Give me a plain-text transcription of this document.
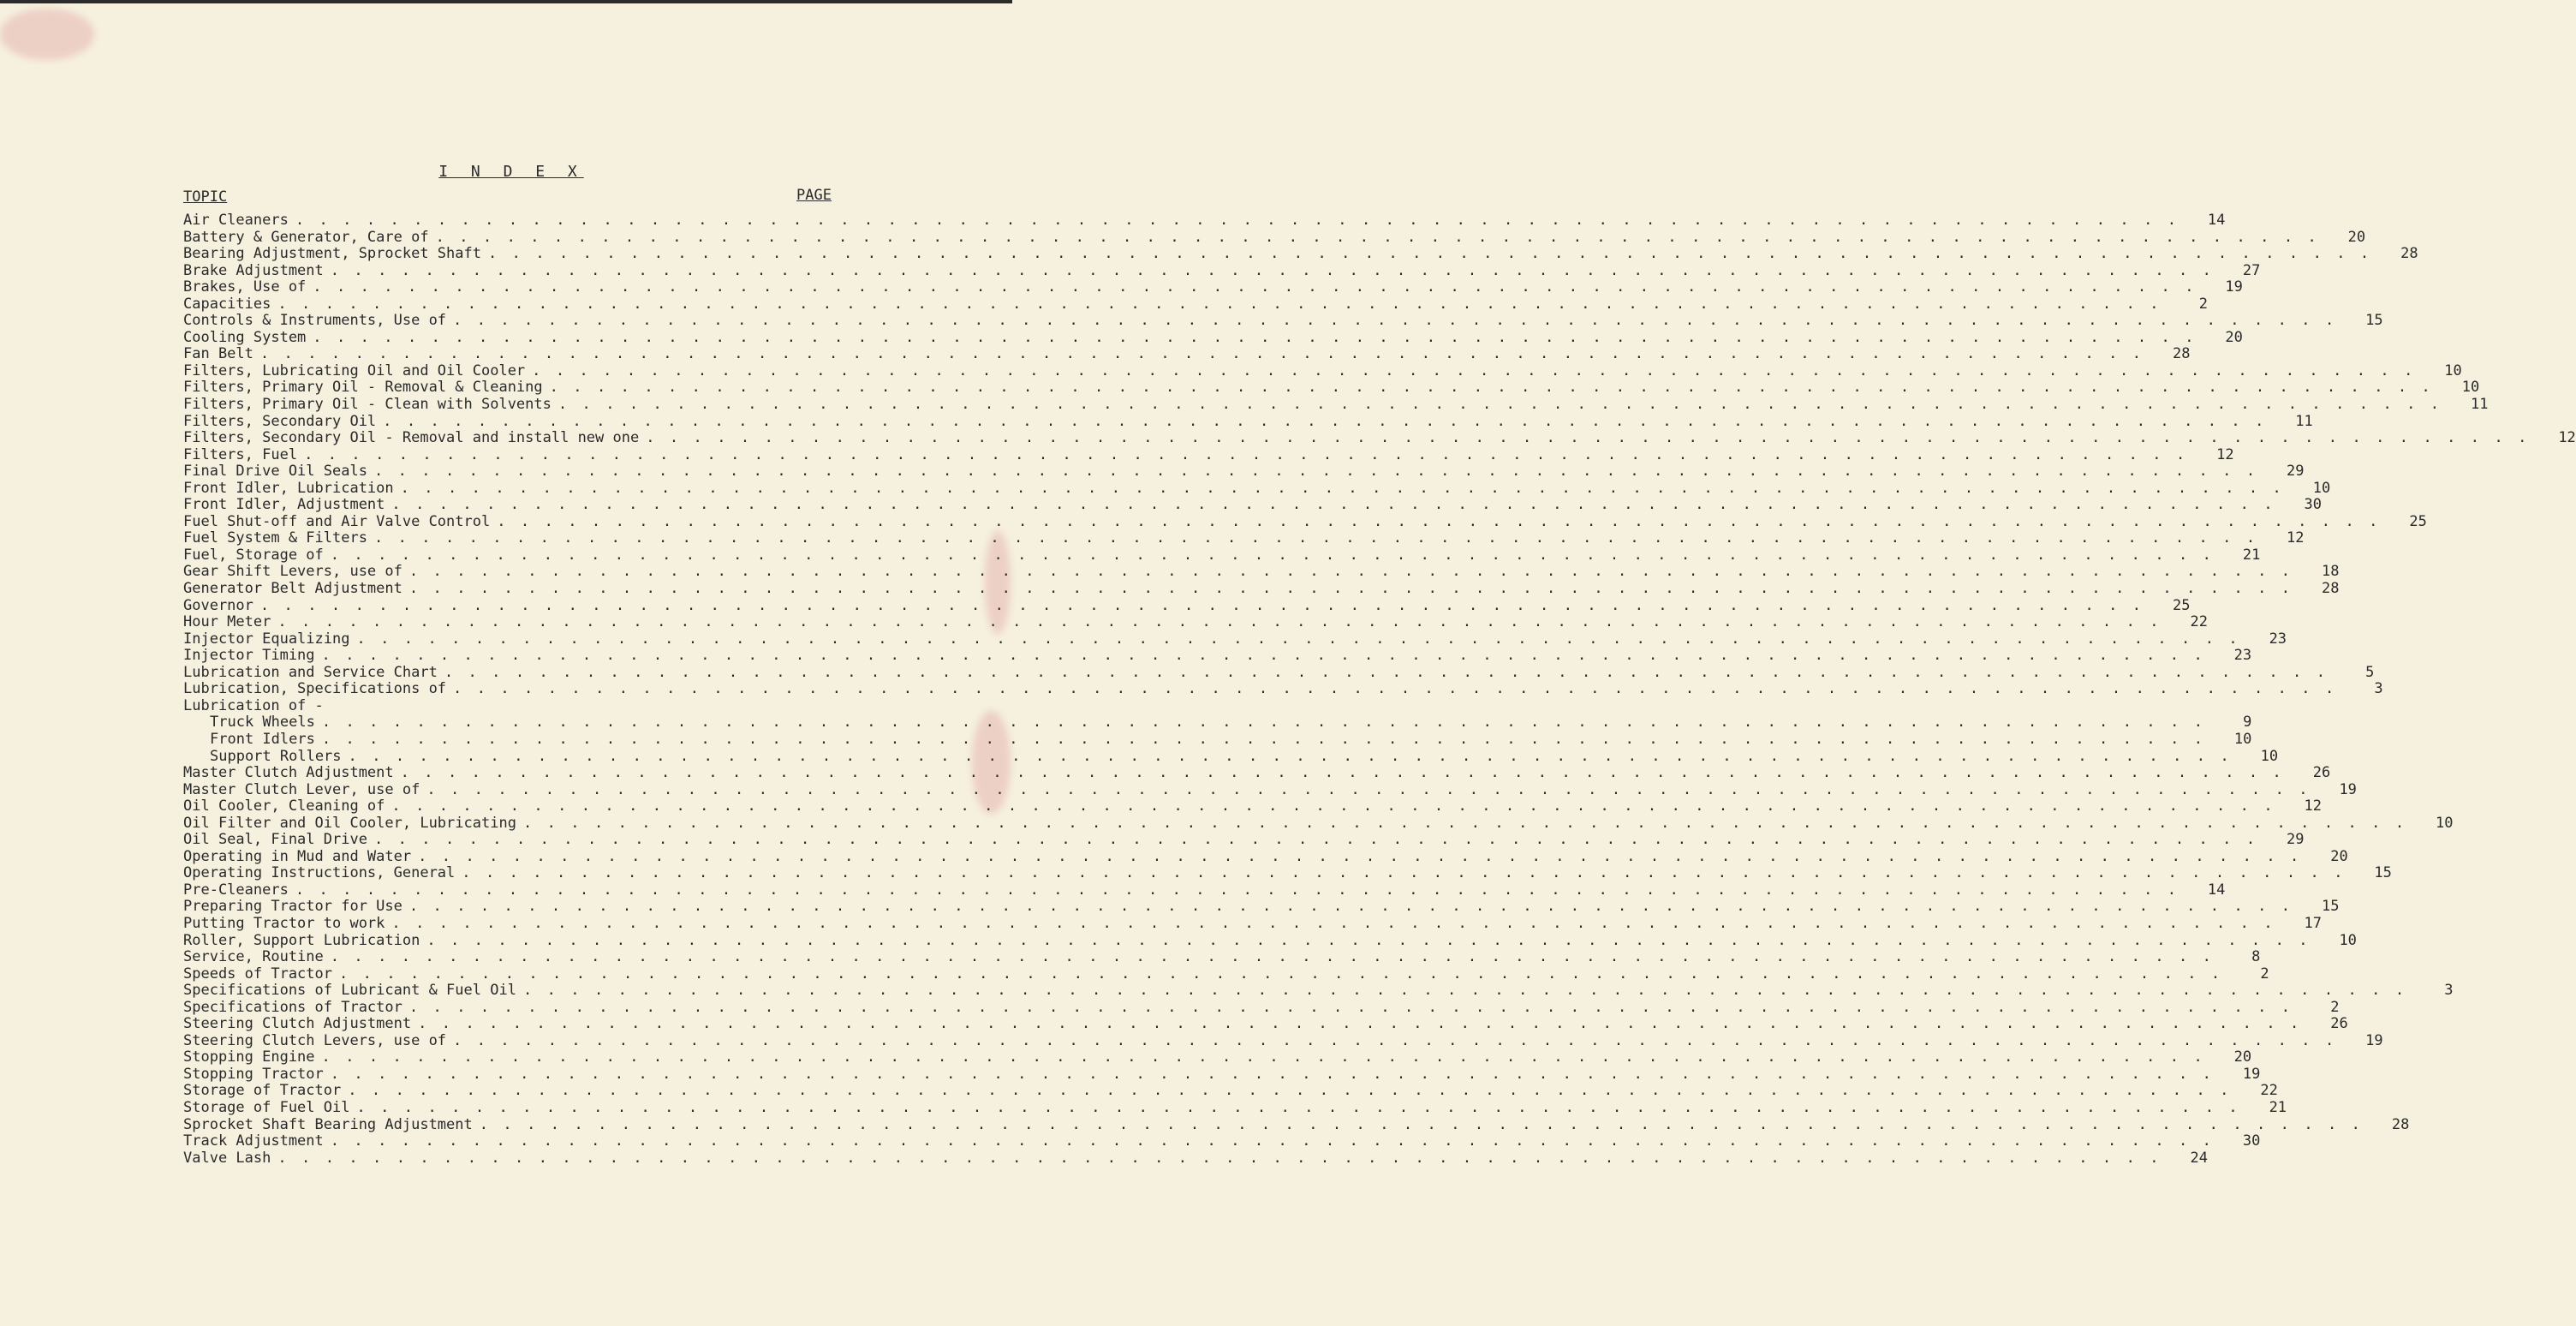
I N D E X
TOPIC	PAGE
Air Cleaners . . . . . . . . . . . . . . . . . . . . . . . . . . . . . . . . . . . . . . . . . . . . . . . . . . . . . . . . . . . . . . . . . . . . . . . . . . . . . . . .	14
Battery & Generator, Care of . . . . . . . . . . . . . . . . . . . . . . . . . . . . . . . . . . . . . . . . . . . . . . . . . . . . . . . . . . . . . . . . . . . . . . . . . . . . . . . .	20
Bearing Adjustment, Sprocket Shaft . . . . . . . . . . . . . . . . . . . . . . . . . . . . . . . . . . . . . . . . . . . . . . . . . . . . . . . . . . . . . . . . . . . . . . . . . . . . . . . .	28
Brake Adjustment . . . . . . . . . . . . . . . . . . . . . . . . . . . . . . . . . . . . . . . . . . . . . . . . . . . . . . . . . . . . . . . . . . . . . . . . . . . . . . . .	27
Brakes, Use of . . . . . . . . . . . . . . . . . . . . . . . . . . . . . . . . . . . . . . . . . . . . . . . . . . . . . . . . . . . . . . . . . . . . . . . . . . . . . . . .	19
Capacities . . . . . . . . . . . . . . . . . . . . . . . . . . . . . . . . . . . . . . . . . . . . . . . . . . . . . . . . . . . . . . . . . . . . . . . . . . . . . . . .	2
Controls & Instruments, Use of . . . . . . . . . . . . . . . . . . . . . . . . . . . . . . . . . . . . . . . . . . . . . . . . . . . . . . . . . . . . . . . . . . . . . . . . . . . . . . . .	15
Cooling System . . . . . . . . . . . . . . . . . . . . . . . . . . . . . . . . . . . . . . . . . . . . . . . . . . . . . . . . . . . . . . . . . . . . . . . . . . . . . . . .	20
Fan Belt . . . . . . . . . . . . . . . . . . . . . . . . . . . . . . . . . . . . . . . . . . . . . . . . . . . . . . . . . . . . . . . . . . . . . . . . . . . . . . . .	28
Filters, Lubricating Oil and Oil Cooler . . . . . . . . . . . . . . . . . . . . . . . . . . . . . . . . . . . . . . . . . . . . . . . . . . . . . . . . . . . . . . . . . . . . . . . . . . . . . . . .	10
Filters, Primary Oil - Removal & Cleaning . . . . . . . . . . . . . . . . . . . . . . . . . . . . . . . . . . . . . . . . . . . . . . . . . . . . . . . . . . . . . . . . . . . . . . . . . . . . . . . .	10
Filters, Primary Oil - Clean with Solvents . . . . . . . . . . . . . . . . . . . . . . . . . . . . . . . . . . . . . . . . . . . . . . . . . . . . . . . . . . . . . . . . . . . . . . . . . . . . . . . .	11
Filters, Secondary Oil . . . . . . . . . . . . . . . . . . . . . . . . . . . . . . . . . . . . . . . . . . . . . . . . . . . . . . . . . . . . . . . . . . . . . . . . . . . . . . . .	11
Filters, Secondary Oil - Removal and install new one . . . . . . . . . . . . . . . . . . . . . . . . . . . . . . . . . . . . . . . . . . . . . . . . . . . . . . . . . . . . . . . . . . . . . . . . . . . . . . . .	12
Filters, Fuel . . . . . . . . . . . . . . . . . . . . . . . . . . . . . . . . . . . . . . . . . . . . . . . . . . . . . . . . . . . . . . . . . . . . . . . . . . . . . . . .	12
Final Drive Oil Seals . . . . . . . . . . . . . . . . . . . . . . . . . . . . . . . . . . . . . . . . . . . . . . . . . . . . . . . . . . . . . . . . . . . . . . . . . . . . . . . .	29
Front Idler, Lubrication . . . . . . . . . . . . . . . . . . . . . . . . . . . . . . . . . . . . . . . . . . . . . . . . . . . . . . . . . . . . . . . . . . . . . . . . . . . . . . . .	10
Front Idler, Adjustment . . . . . . . . . . . . . . . . . . . . . . . . . . . . . . . . . . . . . . . . . . . . . . . . . . . . . . . . . . . . . . . . . . . . . . . . . . . . . . . .	30
Fuel Shut-off and Air Valve Control . . . . . . . . . . . . . . . . . . . . . . . . . . . . . . . . . . . . . . . . . . . . . . . . . . . . . . . . . . . . . . . . . . . . . . . . . . . . . . . .	25
Fuel System & Filters . . . . . . . . . . . . . . . . . . . . . . . . . . . . . . . . . . . . . . . . . . . . . . . . . . . . . . . . . . . . . . . . . . . . . . . . . . . . . . . .	12
Fuel, Storage of . . . . . . . . . . . . . . . . . . . . . . . . . . . . . . . . . . . . . . . . . . . . . . . . . . . . . . . . . . . . . . . . . . . . . . . . . . . . . . . .	21
Gear Shift Levers, use of . . . . . . . . . . . . . . . . . . . . . . . . . . . . . . . . . . . . . . . . . . . . . . . . . . . . . . . . . . . . . . . . . . . . . . . . . . . . . . . .	18
Generator Belt Adjustment . . . . . . . . . . . . . . . . . . . . . . . . . . . . . . . . . . . . . . . . . . . . . . . . . . . . . . . . . . . . . . . . . . . . . . . . . . . . . . . .	28
Governor . . . . . . . . . . . . . . . . . . . . . . . . . . . . . . . . . . . . . . . . . . . . . . . . . . . . . . . . . . . . . . . . . . . . . . . . . . . . . . . .	25
Hour Meter . . . . . . . . . . . . . . . . . . . . . . . . . . . . . . . . . . . . . . . . . . . . . . . . . . . . . . . . . . . . . . . . . . . . . . . . . . . . . . . .	22
Injector Equalizing . . . . . . . . . . . . . . . . . . . . . . . . . . . . . . . . . . . . . . . . . . . . . . . . . . . . . . . . . . . . . . . . . . . . . . . . . . . . . . . .	23
Injector Timing . . . . . . . . . . . . . . . . . . . . . . . . . . . . . . . . . . . . . . . . . . . . . . . . . . . . . . . . . . . . . . . . . . . . . . . . . . . . . . . .	23
Lubrication and Service Chart . . . . . . . . . . . . . . . . . . . . . . . . . . . . . . . . . . . . . . . . . . . . . . . . . . . . . . . . . . . . . . . . . . . . . . . . . . . . . . . .	5
Lubrication, Specifications of . . . . . . . . . . . . . . . . . . . . . . . . . . . . . . . . . . . . . . . . . . . . . . . . . . . . . . . . . . . . . . . . . . . . . . . . . . . . . . . .	3
Lubrication of -
Truck Wheels . . . . . . . . . . . . . . . . . . . . . . . . . . . . . . . . . . . . . . . . . . . . . . . . . . . . . . . . . . . . . . . . . . . . . . . . . . . . . . . .	9
Front Idlers . . . . . . . . . . . . . . . . . . . . . . . . . . . . . . . . . . . . . . . . . . . . . . . . . . . . . . . . . . . . . . . . . . . . . . . . . . . . . . . .	10
Support Rollers . . . . . . . . . . . . . . . . . . . . . . . . . . . . . . . . . . . . . . . . . . . . . . . . . . . . . . . . . . . . . . . . . . . . . . . . . . . . . . . .	10
Master Clutch Adjustment . . . . . . . . . . . . . . . . . . . . . . . . . . . . . . . . . . . . . . . . . . . . . . . . . . . . . . . . . . . . . . . . . . . . . . . . . . . . . . . .	26
Master Clutch Lever, use of . . . . . . . . . . . . . . . . . . . . . . . . . . . . . . . . . . . . . . . . . . . . . . . . . . . . . . . . . . . . . . . . . . . . . . . . . . . . . . . .	19
Oil Cooler, Cleaning of . . . . . . . . . . . . . . . . . . . . . . . . . . . . . . . . . . . . . . . . . . . . . . . . . . . . . . . . . . . . . . . . . . . . . . . . . . . . . . . .	12
Oil Filter and Oil Cooler, Lubricating . . . . . . . . . . . . . . . . . . . . . . . . . . . . . . . . . . . . . . . . . . . . . . . . . . . . . . . . . . . . . . . . . . . . . . . . . . . . . . . .	10
Oil Seal, Final Drive . . . . . . . . . . . . . . . . . . . . . . . . . . . . . . . . . . . . . . . . . . . . . . . . . . . . . . . . . . . . . . . . . . . . . . . . . . . . . . . .	29
Operating in Mud and Water . . . . . . . . . . . . . . . . . . . . . . . . . . . . . . . . . . . . . . . . . . . . . . . . . . . . . . . . . . . . . . . . . . . . . . . . . . . . . . . .	20
Operating Instructions, General . . . . . . . . . . . . . . . . . . . . . . . . . . . . . . . . . . . . . . . . . . . . . . . . . . . . . . . . . . . . . . . . . . . . . . . . . . . . . . . .	15
Pre-Cleaners . . . . . . . . . . . . . . . . . . . . . . . . . . . . . . . . . . . . . . . . . . . . . . . . . . . . . . . . . . . . . . . . . . . . . . . . . . . . . . . .	14
Preparing Tractor for Use . . . . . . . . . . . . . . . . . . . . . . . . . . . . . . . . . . . . . . . . . . . . . . . . . . . . . . . . . . . . . . . . . . . . . . . . . . . . . . . .	15
Putting Tractor to work . . . . . . . . . . . . . . . . . . . . . . . . . . . . . . . . . . . . . . . . . . . . . . . . . . . . . . . . . . . . . . . . . . . . . . . . . . . . . . . .	17
Roller, Support Lubrication . . . . . . . . . . . . . . . . . . . . . . . . . . . . . . . . . . . . . . . . . . . . . . . . . . . . . . . . . . . . . . . . . . . . . . . . . . . . . . . .	10
Service, Routine . . . . . . . . . . . . . . . . . . . . . . . . . . . . . . . . . . . . . . . . . . . . . . . . . . . . . . . . . . . . . . . . . . . . . . . . . . . . . . . .	8
Speeds of Tractor . . . . . . . . . . . . . . . . . . . . . . . . . . . . . . . . . . . . . . . . . . . . . . . . . . . . . . . . . . . . . . . . . . . . . . . . . . . . . . . .	2
Specifications of Lubricant & Fuel Oil . . . . . . . . . . . . . . . . . . . . . . . . . . . . . . . . . . . . . . . . . . . . . . . . . . . . . . . . . . . . . . . . . . . . . . . . . . . . . . . .	3
Specifications of Tractor . . . . . . . . . . . . . . . . . . . . . . . . . . . . . . . . . . . . . . . . . . . . . . . . . . . . . . . . . . . . . . . . . . . . . . . . . . . . . . . .	2
Steering Clutch Adjustment . . . . . . . . . . . . . . . . . . . . . . . . . . . . . . . . . . . . . . . . . . . . . . . . . . . . . . . . . . . . . . . . . . . . . . . . . . . . . . . .	26
Steering Clutch Levers, use of . . . . . . . . . . . . . . . . . . . . . . . . . . . . . . . . . . . . . . . . . . . . . . . . . . . . . . . . . . . . . . . . . . . . . . . . . . . . . . . .	19
Stopping Engine . . . . . . . . . . . . . . . . . . . . . . . . . . . . . . . . . . . . . . . . . . . . . . . . . . . . . . . . . . . . . . . . . . . . . . . . . . . . . . . .	20
Stopping Tractor . . . . . . . . . . . . . . . . . . . . . . . . . . . . . . . . . . . . . . . . . . . . . . . . . . . . . . . . . . . . . . . . . . . . . . . . . . . . . . . .	19
Storage of Tractor . . . . . . . . . . . . . . . . . . . . . . . . . . . . . . . . . . . . . . . . . . . . . . . . . . . . . . . . . . . . . . . . . . . . . . . . . . . . . . . .	22
Storage of Fuel Oil . . . . . . . . . . . . . . . . . . . . . . . . . . . . . . . . . . . . . . . . . . . . . . . . . . . . . . . . . . . . . . . . . . . . . . . . . . . . . . . .	21
Sprocket Shaft Bearing Adjustment . . . . . . . . . . . . . . . . . . . . . . . . . . . . . . . . . . . . . . . . . . . . . . . . . . . . . . . . . . . . . . . . . . . . . . . . . . . . . . . .	28
Track Adjustment . . . . . . . . . . . . . . . . . . . . . . . . . . . . . . . . . . . . . . . . . . . . . . . . . . . . . . . . . . . . . . . . . . . . . . . . . . . . . . . .	30
Valve Lash . . . . . . . . . . . . . . . . . . . . . . . . . . . . . . . . . . . . . . . . . . . . . . . . . . . . . . . . . . . . . . . . . . . . . . . . . . . . . . . .	24
